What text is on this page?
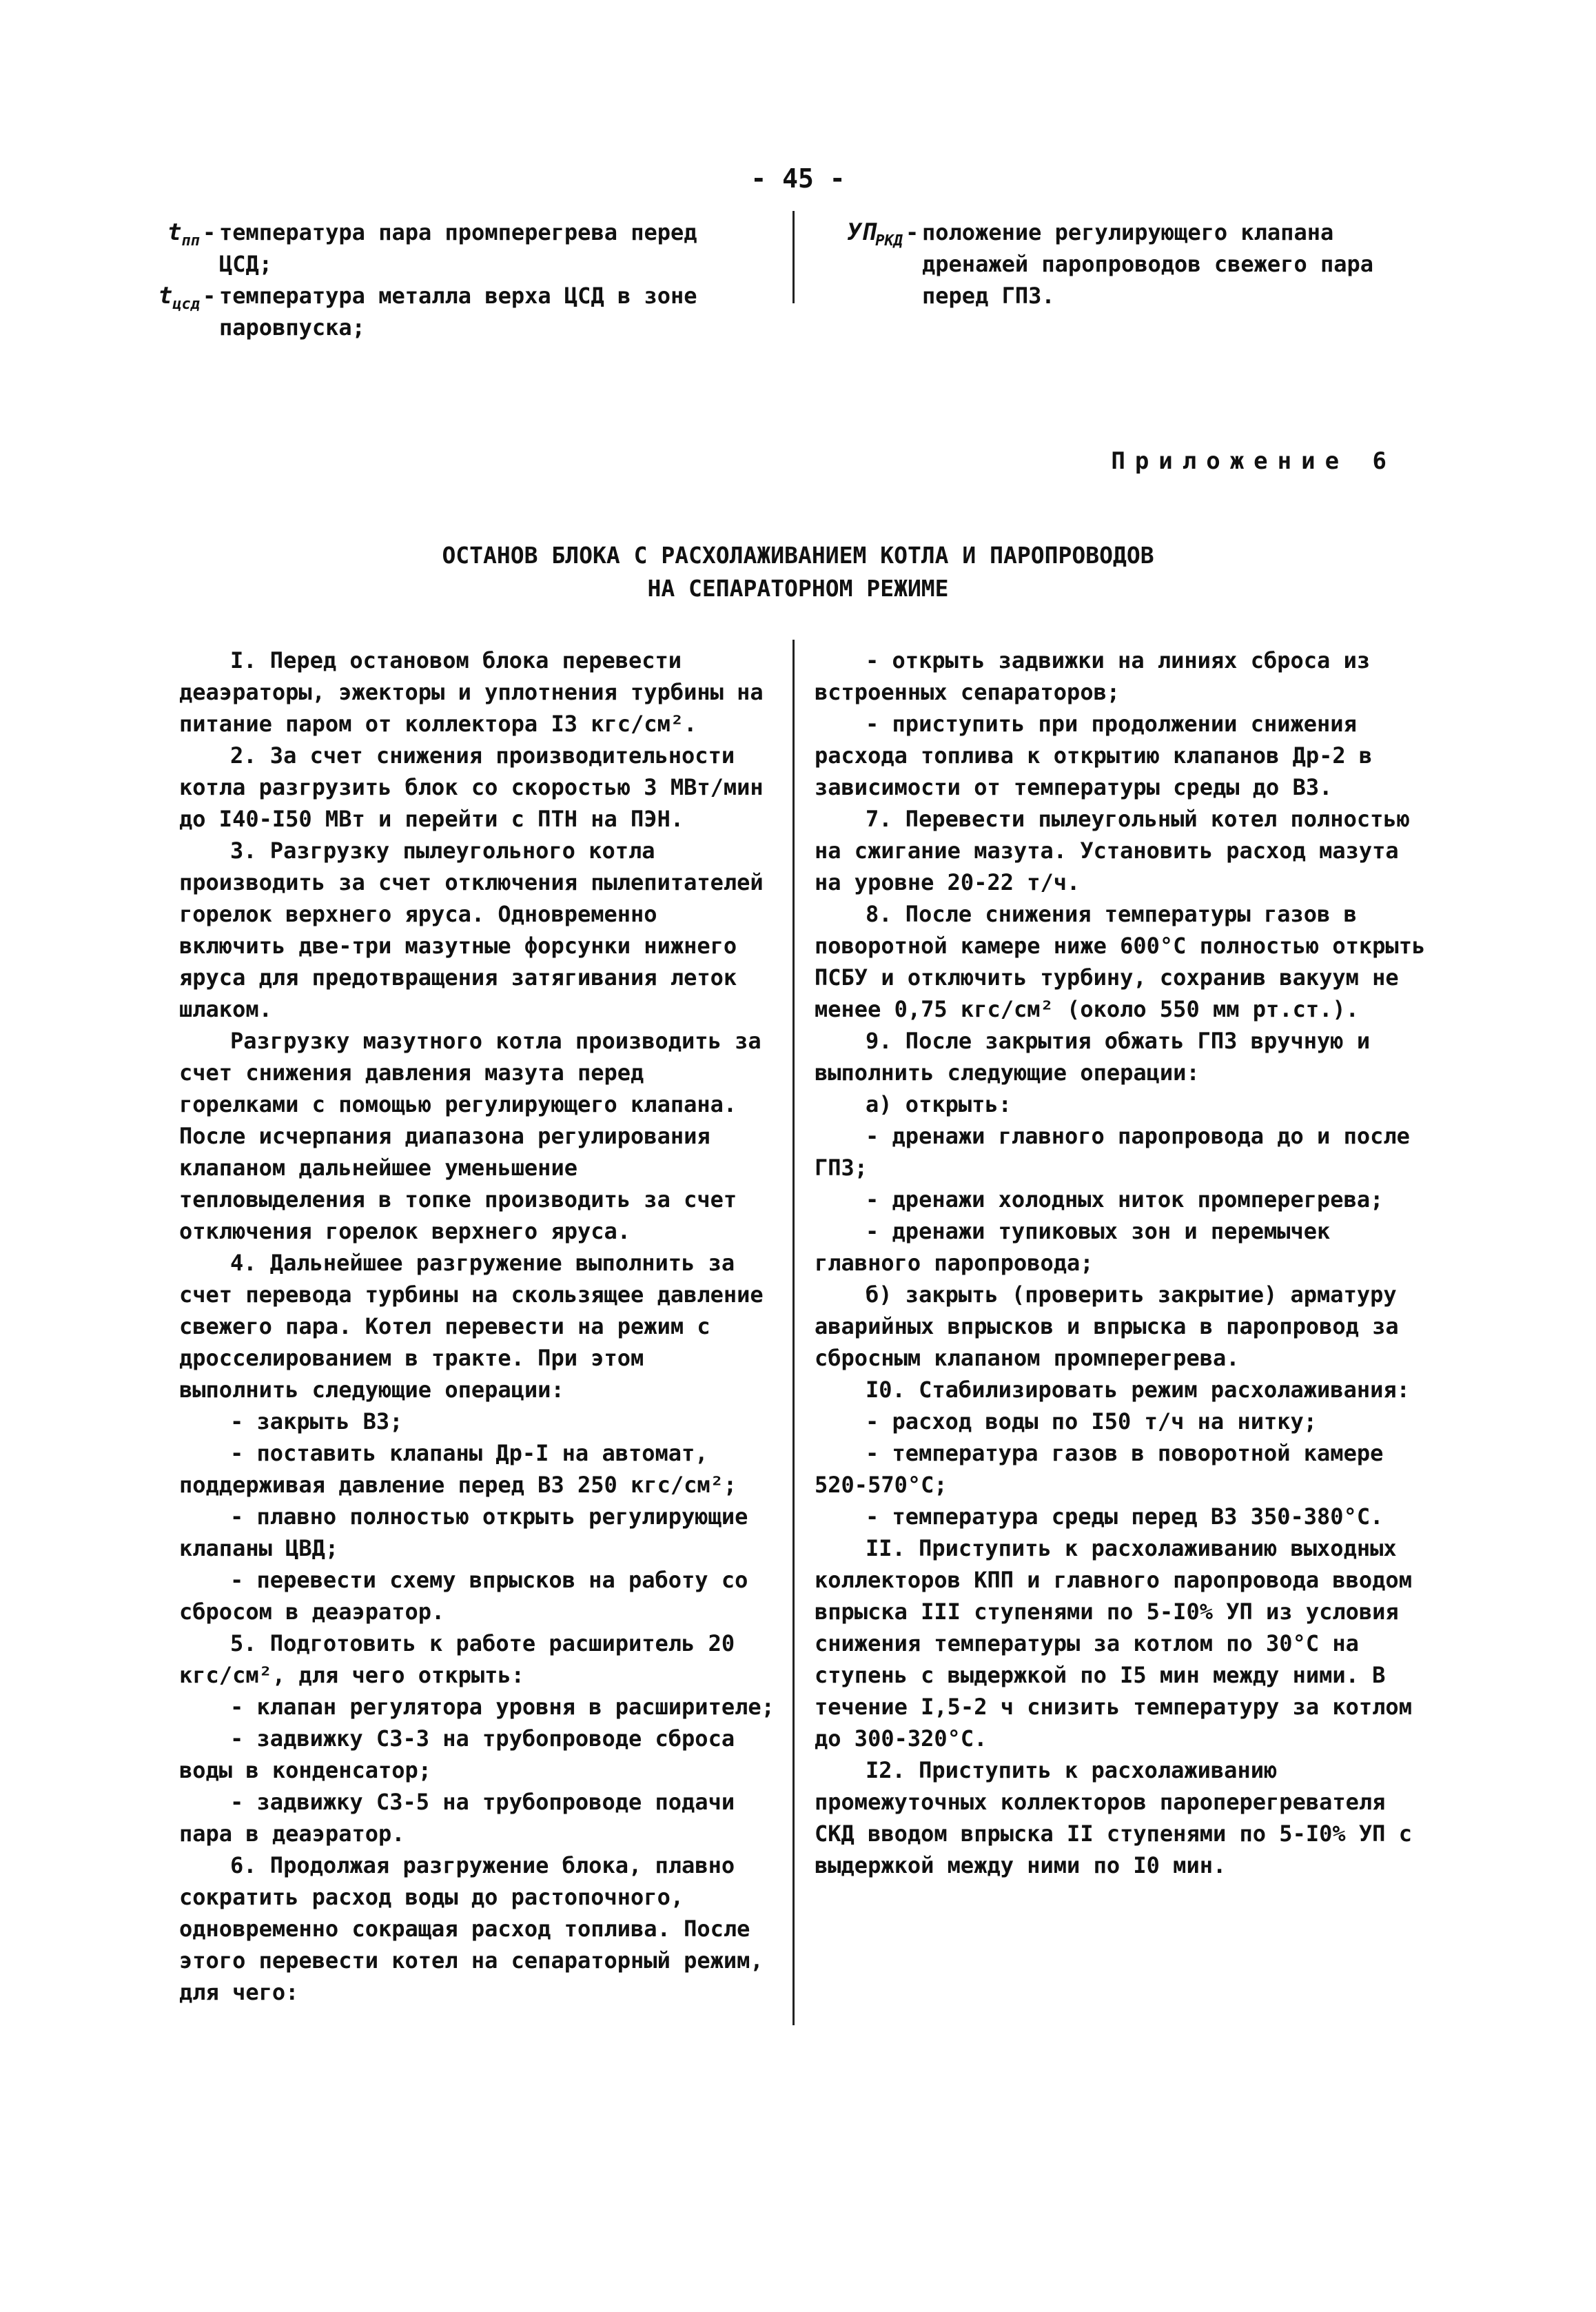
- 45 -
$t_{пп}$ - температура пара промперегрева перед ЦСД;
$t_{цсд}$ - температура металла верха ЦСД в зоне паровпуска;
$УП_{РКД}$ - положение регулирующего клапана дренажей паропроводов свежего пара перед ГПЗ.
Приложение 6
ОСТАНОВ БЛОКА С РАСХОЛАЖИВАНИЕМ КОТЛА И ПАРОПРОВОДОВ
НА СЕПАРАТОРНОМ РЕЖИМЕ

I. Перед остановом блока перевести деаэраторы, эжекторы и уплотнения турбины на питание паром от коллектора I3 кгс/см².

2. За счет снижения производительности котла разгрузить блок со скоростью 3 МВт/мин до I40-I50 МВт и перейти с ПТН на ПЭН.

3. Разгрузку пылеугольного котла производить за счет отключения пылепитателей горелок верхнего яруса. Одновременно включить две-три мазутные форсунки нижнего яруса для предотвращения затягивания леток шлаком.

Разгрузку мазутного котла производить за счет снижения давления мазута перед горелками с помощью регулирующего клапана. После исчерпания диапазона регулирования клапаном дальнейшее уменьшение тепловыделения в топке производить за счет отключения горелок верхнего яруса.

4. Дальнейшее разгружение выполнить за счет перевода турбины на скользящее давление свежего пара. Котел перевести на режим с дросселированием в тракте. При этом выполнить следующие операции:

- закрыть ВЗ;

- поставить клапаны Др-I на автомат, поддерживая давление перед ВЗ 250 кгс/см²;

- плавно полностью открыть регулирующие клапаны ЦВД;

- перевести схему впрысков на работу со сбросом в деаэратор.

5. Подготовить к работе расширитель 20 кгс/см², для чего открыть:

- клапан регулятора уровня в расширителе;

- задвижку СЗ-3 на трубопроводе сброса воды в конденсатор;

- задвижку СЗ-5 на трубопроводе подачи пара в деаэратор.

6. Продолжая разгружение блока, плавно сократить расход воды до растопочного, одновременно сокращая расход топлива. После этого перевести котел на сепараторный режим, для чего:

- открыть задвижки на линиях сброса из встроенных сепараторов;

- приступить при продолжении снижения расхода топлива к открытию клапанов Др-2 в зависимости от температуры среды до ВЗ.

7. Перевести пылеугольный котел полностью на сжигание мазута. Установить расход мазута на уровне 20-22 т/ч.

8. После снижения температуры газов в поворотной камере ниже 600°С полностью открыть ПСБУ и отключить турбину, сохранив вакуум не менее 0,75 кгс/см² (около 550 мм рт.ст.).

9. После закрытия обжать ГПЗ вручную и выполнить следующие операции:

а) открыть:

- дренажи главного паропровода до и после ГПЗ;

- дренажи холодных ниток промперегрева;

- дренажи тупиковых зон и перемычек главного паропровода;

б) закрыть (проверить закрытие) арматуру аварийных впрысков и впрыска в паропровод за сбросным клапаном промперегрева.

I0. Стабилизировать режим расхолаживания:

- расход воды по I50 т/ч на нитку;

- температура газов в поворотной камере 520-570°С;

- температура среды перед ВЗ 350-380°С.

II. Приступить к расхолаживанию выходных коллекторов КПП и главного паропровода вводом впрыска III ступенями по 5-I0% УП из условия снижения температуры за котлом по 30°С на ступень с выдержкой по I5 мин между ними. В течение I,5-2 ч снизить температуру за котлом до 300-320°С.

I2. Приступить к расхолаживанию промежуточных коллекторов пароперегревателя СКД вводом впрыска II ступенями по 5-I0% УП с выдержкой между ними по I0 мин.
